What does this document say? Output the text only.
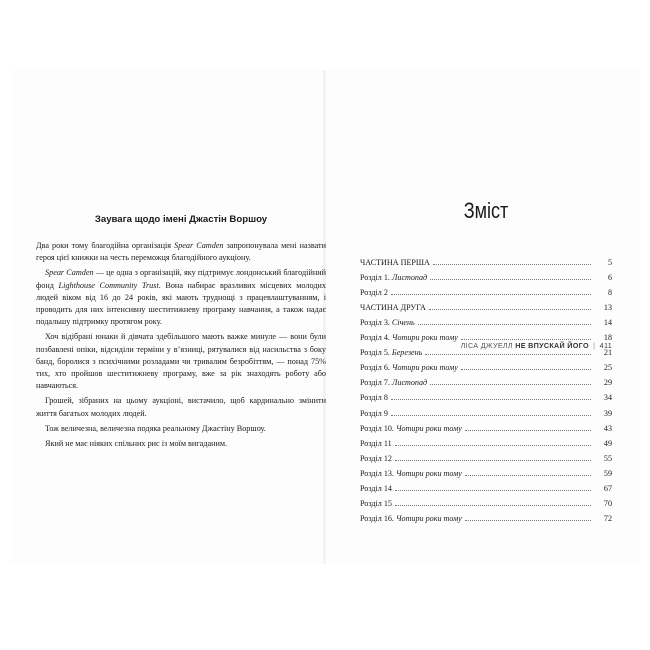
Заувага щодо імені Джастін Воршоу

Два роки тому благодійна організація Spear Camden запропонувала мені назвати героя цієї книжки на честь переможця благодійного аукціону.

Spear Camden — це одна з організацій, яку підтримує лондонський благодійний фонд Lighthouse Community Trust. Вона набирає вразливих місцевих молодих людей віком від 16 до 24 років, які мають труднощі з працевлаштуванням, і проводить для них інтенсивну шеститижневу програму навчання, а також надає подальшу підтримку протягом року.

Хоч відібрані юнаки й дівчата здебільшого мають важке минуле — вони були позбавлені опіки, відсиділи терміни у в’язниці, рятувалися від насильства з боку банд, боролися з психічними розладами чи тривалим безробіттям, — понад 75% тих, хто пройшов шеститижневу програму, вже за рік знаходять роботу або навчаються.

Грошей, зібраних на цьому аукціоні, вистачило, щоб кардинально змінити життя багатьох молодих людей.

Тож величезна, величезна подяка реальному Джастіну Воршоу.

Який не має ніяких спільних рис із моїм вигаданим.

Зміст
ЧАСТИНА ПЕРША	5
Розділ 1. Листопад	6
Розділ 2	8
ЧАСТИНА ДРУГА	13
Розділ 3. Січень	14
Розділ 4. Чотири роки тому	18
Розділ 5. Березень	21
Розділ 6. Чотири роки тому	25
Розділ 7. Листопад	29
Розділ 8	34
Розділ 9	39
Розділ 10. Чотири роки тому	43
Розділ 11	49
Розділ 12	55
Розділ 13. Чотири роки тому	59
Розділ 14	67
Розділ 15	70
Розділ 16. Чотири роки тому	72
ЛІСА ДЖУЕЛЛ НЕ ВПУСКАЙ ЙОГО | 411
